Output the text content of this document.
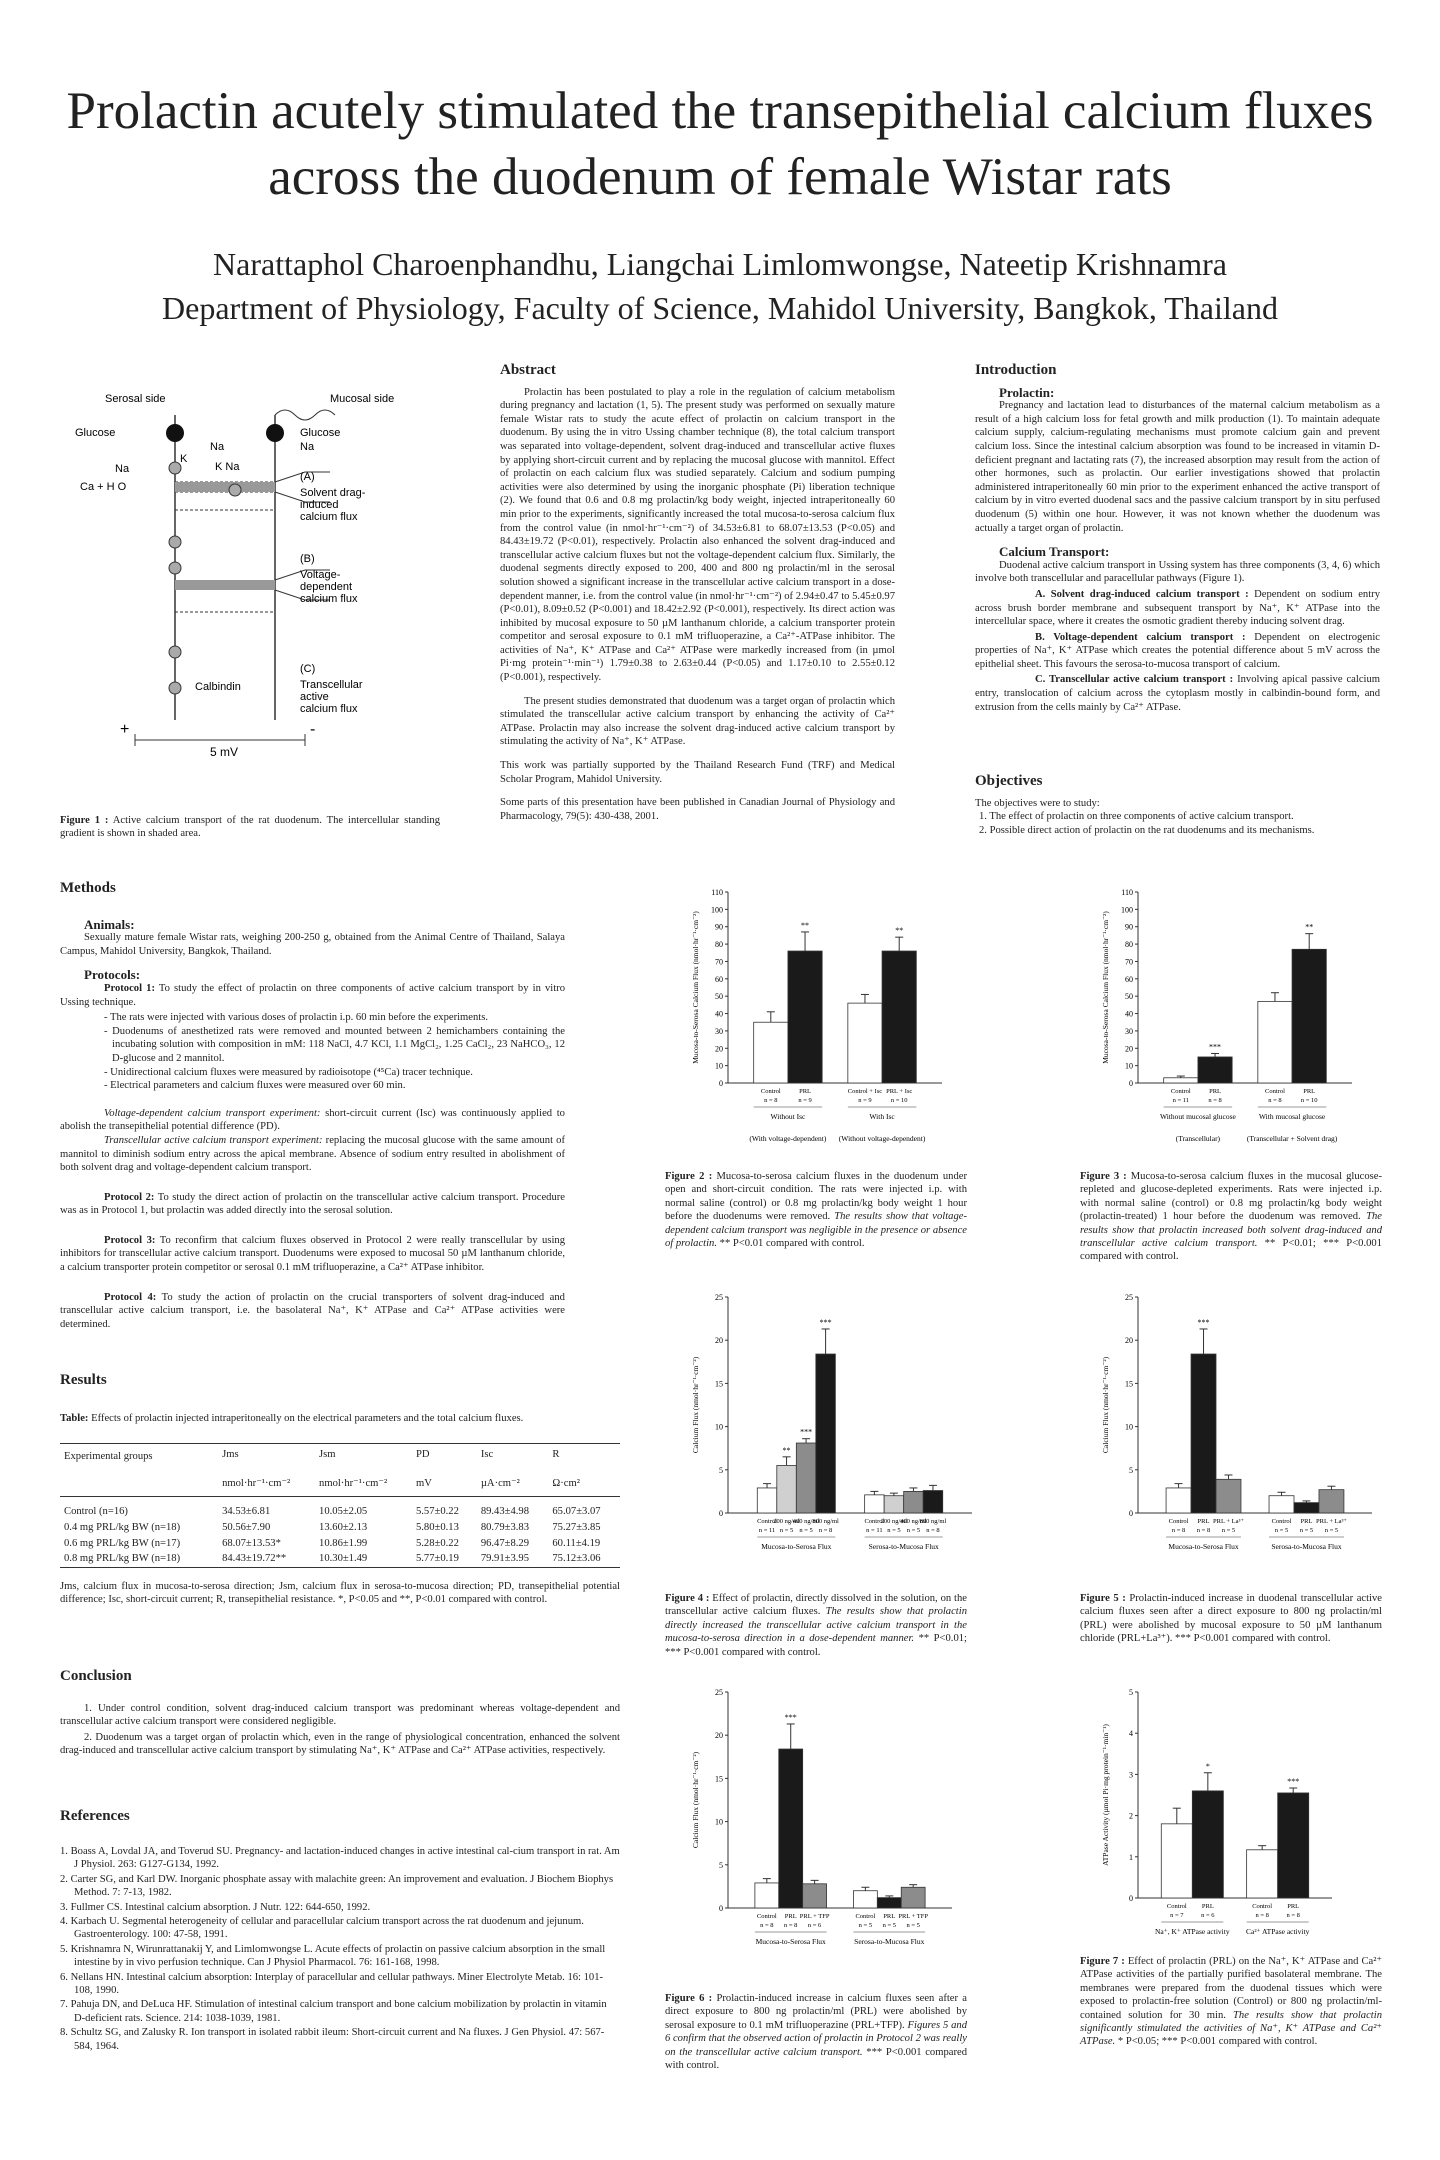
Prolactin acutely stimulated the transepithelial calcium fluxes
across the duodenum of female Wistar rats
Narattaphol Charoenphandhu, Liangchai Limlomwongse, Nateetip Krishnamra
Department of Physiology, Faculty of Science, Mahidol University, Bangkok, Thailand
Serosal side	Mucosal side
Glucose	Glucose
Na	Na
Na
K
K Na
Ca + H O
(A)
Solvent drag-
induced
calcium flux
(B)
Voltage-
dependent
calcium flux
(C)
Transcellular
active
calcium flux
Calbindin
+	-
5 mV
Figure 1 : Active calcium transport of the rat duodenum. The intercellular standing gradient is shown in shaded area.
Abstract

Prolactin has been postulated to play a role in the regulation of calcium metabolism during pregnancy and lactation (1, 5). The present study was performed on sexually mature female Wistar rats to study the acute effect of prolactin on calcium transport in the duodenum. By using the in vitro Ussing chamber technique (8), the total calcium transport was separated into voltage-dependent, solvent drag-induced and transcellular active fluxes by applying short-circuit current and by replacing the mucosal glucose with mannitol. Effect of prolactin on each calcium flux was studied separately. Calcium and sodium pumping activities were also determined by using the inorganic phosphate (Pi) liberation technique (2). We found that 0.6 and 0.8 mg prolactin/kg body weight, injected intraperitoneally 60 min prior to the experiments, significantly increased the total mucosa-to-serosa calcium flux from the control value (in nmol·hr⁻¹·cm⁻²) of 34.53±6.81 to 68.07±13.53 (P<0.05) and 84.43±19.72 (P<0.01), respectively. Prolactin also enhanced the solvent drag-induced and transcellular active calcium fluxes but not the voltage-dependent calcium flux. Similarly, the duodenal segments directly exposed to 200, 400 and 800 ng prolactin/ml in the serosal solution showed a significant increase in the transcellular active calcium transport in a dose-dependent manner, i.e. from the control value (in nmol·hr⁻¹·cm⁻²) of 2.94±0.47 to 5.45±0.97 (P<0.01), 8.09±0.52 (P<0.001) and 18.42±2.92 (P<0.001), respectively. Its direct action was inhibited by mucosal exposure to 50 µM lanthanum chloride, a calcium transporter protein competitor and serosal exposure to 0.1 mM trifluoperazine, a Ca²⁺-ATPase inhibitor. The activities of Na⁺, K⁺ ATPase and Ca²⁺ ATPase were markedly increased from (in µmol Pi·mg protein⁻¹·min⁻¹) 1.79±0.38 to 2.63±0.44 (P<0.05) and 1.17±0.10 to 2.55±0.12 (P<0.001), respectively.

The present studies demonstrated that duodenum was a target organ of prolactin which stimulated the transcellular active calcium transport by enhancing the activity of Ca²⁺ ATPase. Prolactin may also increase the solvent drag-induced active calcium transport by stimulating the activity of Na⁺, K⁺ ATPase.

This work was partially supported by the Thailand Research Fund (TRF) and Medical Scholar Program, Mahidol University.

Some parts of this presentation have been published in Canadian Journal of Physiology and Pharmacology, 79(5): 430-438, 2001.

Introduction
Prolactin:

Pregnancy and lactation lead to disturbances of the maternal calcium metabolism as a result of a high calcium loss for fetal growth and milk production (1). To maintain adequate calcium supply, calcium-regulating mechanisms must promote calcium gain and prevent calcium loss. Since the intestinal calcium absorption was found to be increased in vitamin D-deficient pregnant and lactating rats (7), the increased absorption may result from the action of other hormones, such as prolactin. Our earlier investigations showed that prolactin administered intraperitoneally 60 min prior to the experiment enhanced the active transport of calcium by in vitro everted duodenal sacs and the passive calcium transport by in situ perfused duodenum (5) within one hour. However, it was not known whether the duodenum was actually a target organ of prolactin.

Calcium Transport:

Duodenal active calcium transport in Ussing system has three components (3, 4, 6) which involve both transcellular and paracellular pathways (Figure 1).

A. Solvent drag-induced calcium transport : Dependent on sodium entry across brush border membrane and subsequent transport by Na⁺, K⁺ ATPase into the intercellular space, where it creates the osmotic gradient thereby inducing solvent drag.

B. Voltage-dependent calcium transport : Dependent on electrogenic properties of Na⁺, K⁺ ATPase which creates the potential difference about 5 mV across the epithelial sheet. This favours the serosa-to-mucosa transport of calcium.

C. Transcellular active calcium transport : Involving apical passive calcium entry, translocation of calcium across the cytoplasm mostly in calbindin-bound form, and extrusion from the cells mainly by Ca²⁺ ATPase.

Objectives
The objectives were to study:
1. The effect of prolactin on three components of active calcium transport.
2. Possible direct action of prolactin on the rat duodenums and its mechanisms.
Methods
Animals:

Sexually mature female Wistar rats, weighing 200-250 g, obtained from the Animal Centre of Thailand, Salaya Campus, Mahidol University, Bangkok, Thailand.

Protocols:

Protocol 1: To study the effect of prolactin on three components of active calcium transport by in vitro Ussing technique.

- The rats were injected with various doses of prolactin i.p. 60 min before the experiments.
- Duodenums of anesthetized rats were removed and mounted between 2 hemichambers containing the incubating solution with composition in mM: 118 NaCl, 4.7 KCl, 1.1 MgCl₂, 1.25 CaCl₂, 23 NaHCO₃, 12 D-glucose and 2 mannitol.
- Unidirectional calcium fluxes were measured by radioisotope (⁴⁵Ca) tracer technique.
- Electrical parameters and calcium fluxes were measured over 60 min.

Voltage-dependent calcium transport experiment: short-circuit current (Isc) was continuously applied to abolish the transepithelial potential difference (PD).

Transcellular active calcium transport experiment: replacing the mucosal glucose with the same amount of mannitol to diminish sodium entry across the apical membrane. Absence of sodium entry resulted in abolishment of both solvent drag and voltage-dependent calcium transport.

Protocol 2: To study the direct action of prolactin on the transcellular active calcium transport. Procedure was as in Protocol 1, but prolactin was added directly into the serosal solution.

Protocol 3: To reconfirm that calcium fluxes observed in Protocol 2 were really transcellular by using inhibitors for transcellular active calcium transport. Duodenums were exposed to mucosal 50 µM lanthanum chloride, a calcium transporter protein competitor or serosal 0.1 mM trifluoperazine, a Ca²⁺ ATPase inhibitor.

Protocol 4: To study the action of prolactin on the crucial transporters of solvent drag-induced and transcellular active calcium transport, i.e. the basolateral Na⁺, K⁺ ATPase and Ca²⁺ ATPase activities were determined.

Results
Table: Effects of prolactin injected intraperitoneally on the electrical parameters and the total calcium fluxes.
Experimental groups	Jms	Jsm	PD	Isc	R
	nmol·hr⁻¹·cm⁻²	nmol·hr⁻¹·cm⁻²	mV	µA·cm⁻²	Ω·cm²
Control (n=16)	34.53±6.81	10.05±2.05	5.57±0.22	89.43±4.98	65.07±3.07
0.4 mg PRL/kg BW (n=18)	50.56±7.90	13.60±2.13	5.80±0.13	80.79±3.83	75.27±3.85
0.6 mg PRL/kg BW (n=17)	68.07±13.53*	10.86±1.99	5.28±0.22	96.47±8.29	60.11±4.19
0.8 mg PRL/kg BW (n=18)	84.43±19.72**	10.30±1.49	5.77±0.19	79.91±3.95	75.12±3.06
Jms, calcium flux in mucosa-to-serosa direction; Jsm, calcium flux in serosa-to-mucosa direction; PD, transepithelial potential difference; Isc, short-circuit current; R, transepithelial resistance. *, P<0.05 and **, P<0.01 compared with control.
Conclusion

1. Under control condition, solvent drag-induced calcium transport was predominant whereas voltage-dependent and transcellular active calcium transport were considered negligible.

2. Duodenum was a target organ of prolactin which, even in the range of physiological concentration, enhanced the solvent drag-induced and transcellular active calcium transport by stimulating Na⁺, K⁺ ATPase and Ca²⁺ ATPase activities, respectively.

References
1. Boass A, Lovdal JA, and Toverud SU. Pregnancy- and lactation-induced changes in active intestinal cal-cium transport in rat. Am J Physiol. 263: G127-G134, 1992.
2. Carter SG, and Karl DW. Inorganic phosphate assay with malachite green: An improvement and evaluation. J Biochem Biophys Method. 7: 7-13, 1982.
3. Fullmer CS. Intestinal calcium absorption. J Nutr. 122: 644-650, 1992.
4. Karbach U. Segmental heterogeneity of cellular and paracellular calcium transport across the rat duodenum and jejunum. Gastroenterology. 100: 47-58, 1991.
5. Krishnamra N, Wirunrattanakij Y, and Limlomwongse L. Acute effects of prolactin on passive calcium absorption in the small intestine by in vivo perfusion technique. Can J Physiol Pharmacol. 76: 161-168, 1998.
6. Nellans HN. Intestinal calcium absorption: Interplay of paracellular and cellular pathways. Miner Electrolyte Metab. 16: 101-108, 1990.
7. Pahuja DN, and DeLuca HF. Stimulation of intestinal calcium transport and bone calcium mobilization by prolactin in vitamin D-deficient rats. Science. 214: 1038-1039, 1981.
8. Schultz SG, and Zalusky R. Ion transport in isolated rabbit ileum: Short-circuit current and Na fluxes. J Gen Physiol. 47: 567-584, 1964.
0
10
20
30
40
50
60
70
80
90
100
110
Mucosa-to-Serosa Calcium Flux (nmol·hr⁻¹·cm⁻²)
Control
n = 8
**
PRL
n = 9
Without Isc
(With voltage-dependent)
Control + Isc
n = 9
**
PRL + Isc
n = 10
With Isc
(Without voltage-dependent)
Figure 2 : Mucosa-to-serosa calcium fluxes in the duodenum under open and short-circuit condition. The rats were injected i.p. with normal saline (control) or 0.8 mg prolactin/kg body weight 1 hour before the duodenums were removed. The results show that voltage-dependent calcium transport was negligible in the presence or absence of prolactin. ** P<0.01 compared with control.
0
10
20
30
40
50
60
70
80
90
100
110
Mucosa-to-Serosa Calcium Flux (nmol·hr⁻¹·cm⁻²)
Control
n = 11
***
PRL
n = 8
Without mucosal glucose
(Transcellular)
Control
n = 8
**
PRL
n = 10
With mucosal glucose
(Transcellular + Solvent drag)
Figure 3 : Mucosa-to-serosa calcium fluxes in the mucosal glucose-repleted and glucose-depleted experiments. Rats were injected i.p. with normal saline (control) or 0.8 mg prolactin/kg body weight (prolactin-treated) 1 hour before the duodenum was removed. The results show that prolactin increased both solvent drag-induced and transcellular active calcium transport. ** P<0.01; *** P<0.001 compared with control.
0
5
10
15
20
25
Calcium Flux (nmol·hr⁻¹·cm⁻²)
Control
n = 11
**
200 ng/ml
n = 5
***
400 ng/ml
n = 5
***
800 ng/ml
n = 8
Mucosa-to-Serosa Flux
Control
n = 11
200 ng/ml
n = 5
400 ng/ml
n = 5
800 ng/ml
n = 8
Serosa-to-Mucosa Flux
Figure 4 : Effect of prolactin, directly dissolved in the solution, on the transcellular active calcium fluxes. The results show that prolactin directly increased the transcellular active calcium transport in the mucosa-to-serosa direction in a dose-dependent manner. ** P<0.01; *** P<0.001 compared with control.
0
5
10
15
20
25
Calcium Flux (nmol·hr⁻¹·cm⁻²)
Control
n = 8
***
PRL
n = 8
PRL + La³⁺
n = 5
Mucosa-to-Serosa Flux
Control
n = 5
PRL
n = 5
PRL + La³⁺
n = 5
Serosa-to-Mucosa Flux
Figure 5 : Prolactin-induced increase in duodenal transcellular active calcium fluxes seen after a direct exposure to 800 ng prolactin/ml (PRL) were abolished by mucosal exposure to 50 µM lanthanum chloride (PRL+La³⁺). *** P<0.001 compared with control.
0
5
10
15
20
25
Calcium Flux (nmol·hr⁻¹·cm⁻²)
Control
n = 8
***
PRL
n = 8
PRL + TFP
n = 6
Mucosa-to-Serosa Flux
Control
n = 5
PRL
n = 5
PRL + TFP
n = 5
Serosa-to-Mucosa Flux
Figure 6 : Prolactin-induced increase in calcium fluxes seen after a direct exposure to 800 ng prolactin/ml (PRL) were abolished by serosal exposure to 0.1 mM trifluoperazine (PRL+TFP). Figures 5 and 6 confirm that the observed action of prolactin in Protocol 2 was really on the transcellular active calcium transport. *** P<0.001 compared with control.
0
1
2
3
4
5
ATPase Activity (µmol Pi·mg protein⁻¹·min⁻¹)
Control
n = 7
*
PRL
n = 6
Na⁺, K⁺ ATPase activity
Control
n = 8
***
PRL
n = 8
Ca²⁺ ATPase activity
Figure 7 : Effect of prolactin (PRL) on the Na⁺, K⁺ ATPase and Ca²⁺ ATPase activities of the partially purified basolateral membrane. The membranes were prepared from the duodenal tissues which were exposed to prolactin-free solution (Control) or 800 ng prolactin/ml-contained solution for 30 min. The results show that prolactin significantly stimulated the activities of Na⁺, K⁺ ATPase and Ca²⁺ ATPase. * P<0.05; *** P<0.001 compared with control.
